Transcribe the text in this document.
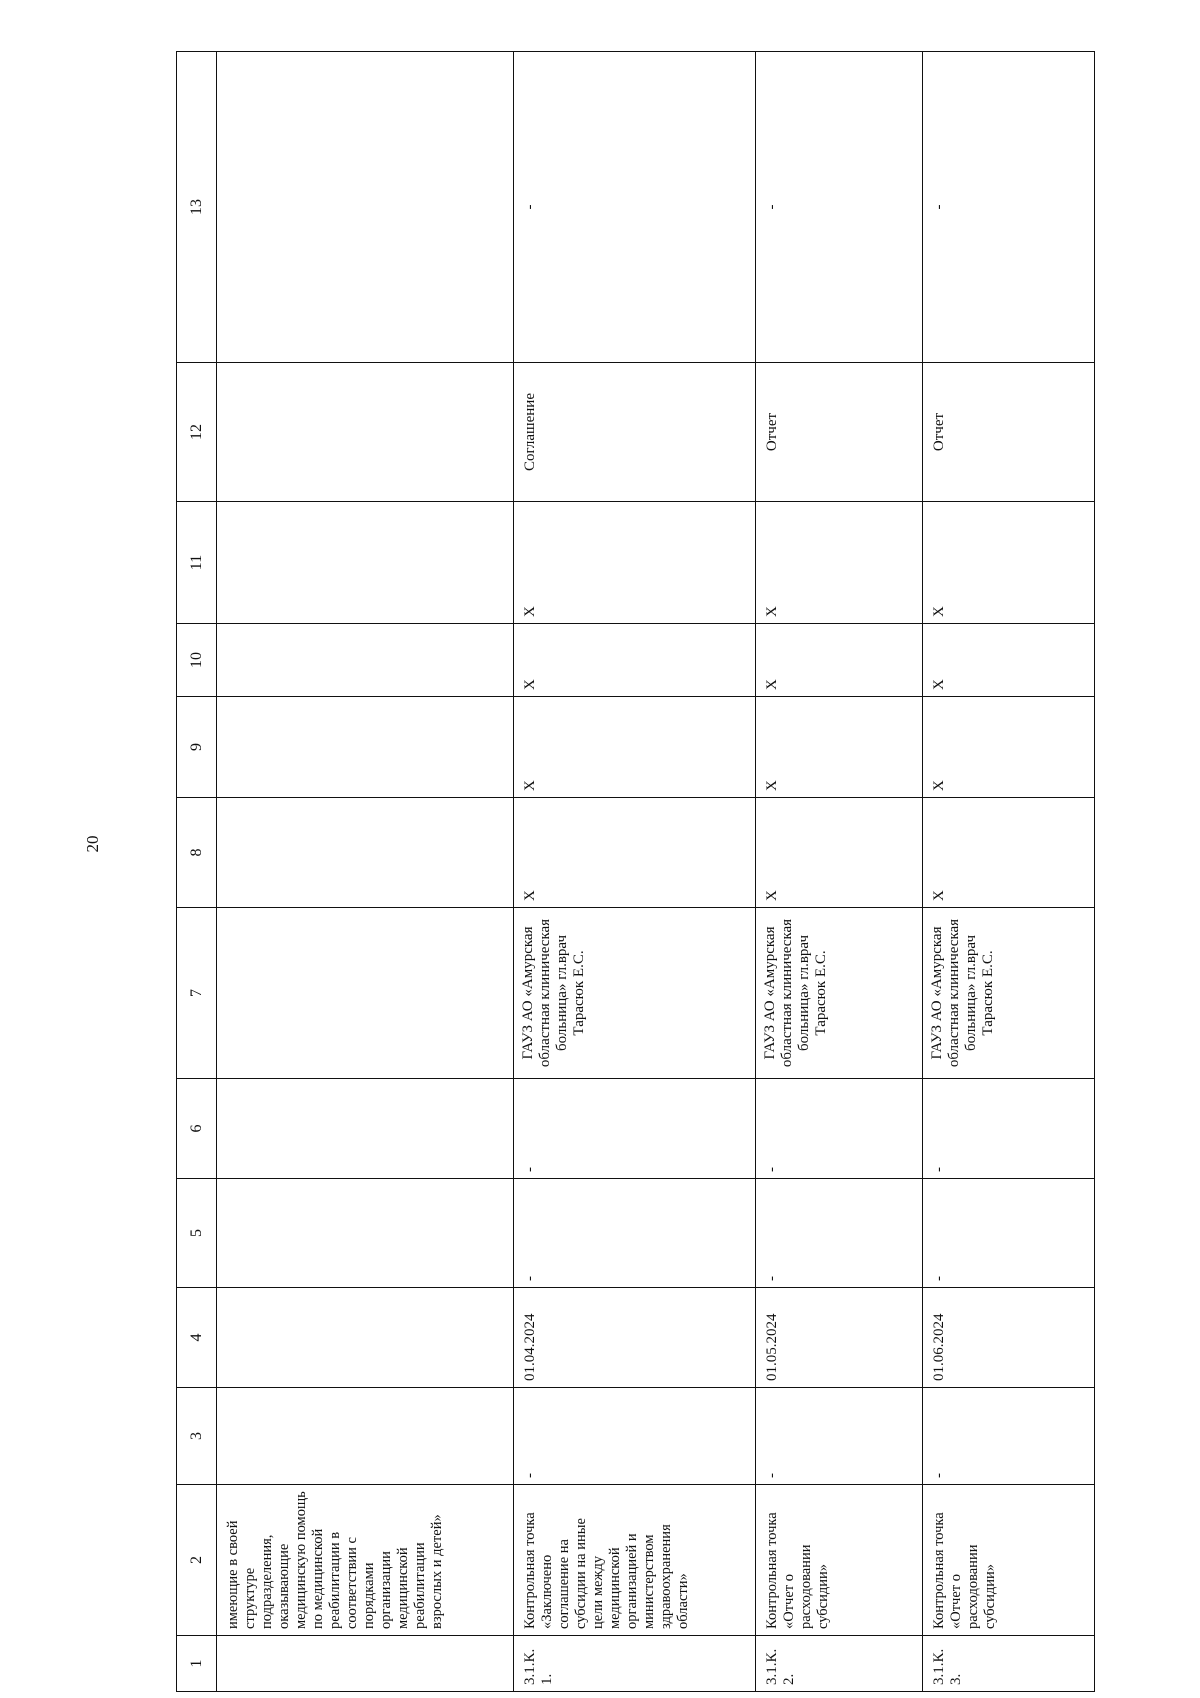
20
1	2	3	4	5	6	7	8	9	10	11	12	13
	имеющие в своей структуре подразделения, оказывающие медицинскую помощь по медицинской реабилитации в соответствии с порядками организации медицинской реабилитации взрослых и детей»											
3.1.К. 1.	Контрольная точка «Заключено соглашение на субсидии на иные цели между медицинской организацией и министерством здравоохранения области»	-	01.04.2024	-	-	ГАУЗ АО «Амурская областная клиническая больница» гл.врач Тарасюк Е.С.	Х	Х	Х	Х	Соглашение	-
3.1.К. 2.	Контрольная точка «Отчет о расходовании субсидии»	-	01.05.2024	-	-	ГАУЗ АО «Амурская областная клиническая больница» гл.врач Тарасюк Е.С.	Х	Х	Х	Х	Отчет	-
3.1.К. 3.	Контрольная точка «Отчет о расходовании субсидии»	-	01.06.2024	-	-	ГАУЗ АО «Амурская областная клиническая больница» гл.врач Тарасюк Е.С.	Х	Х	Х	Х	Отчет	-
